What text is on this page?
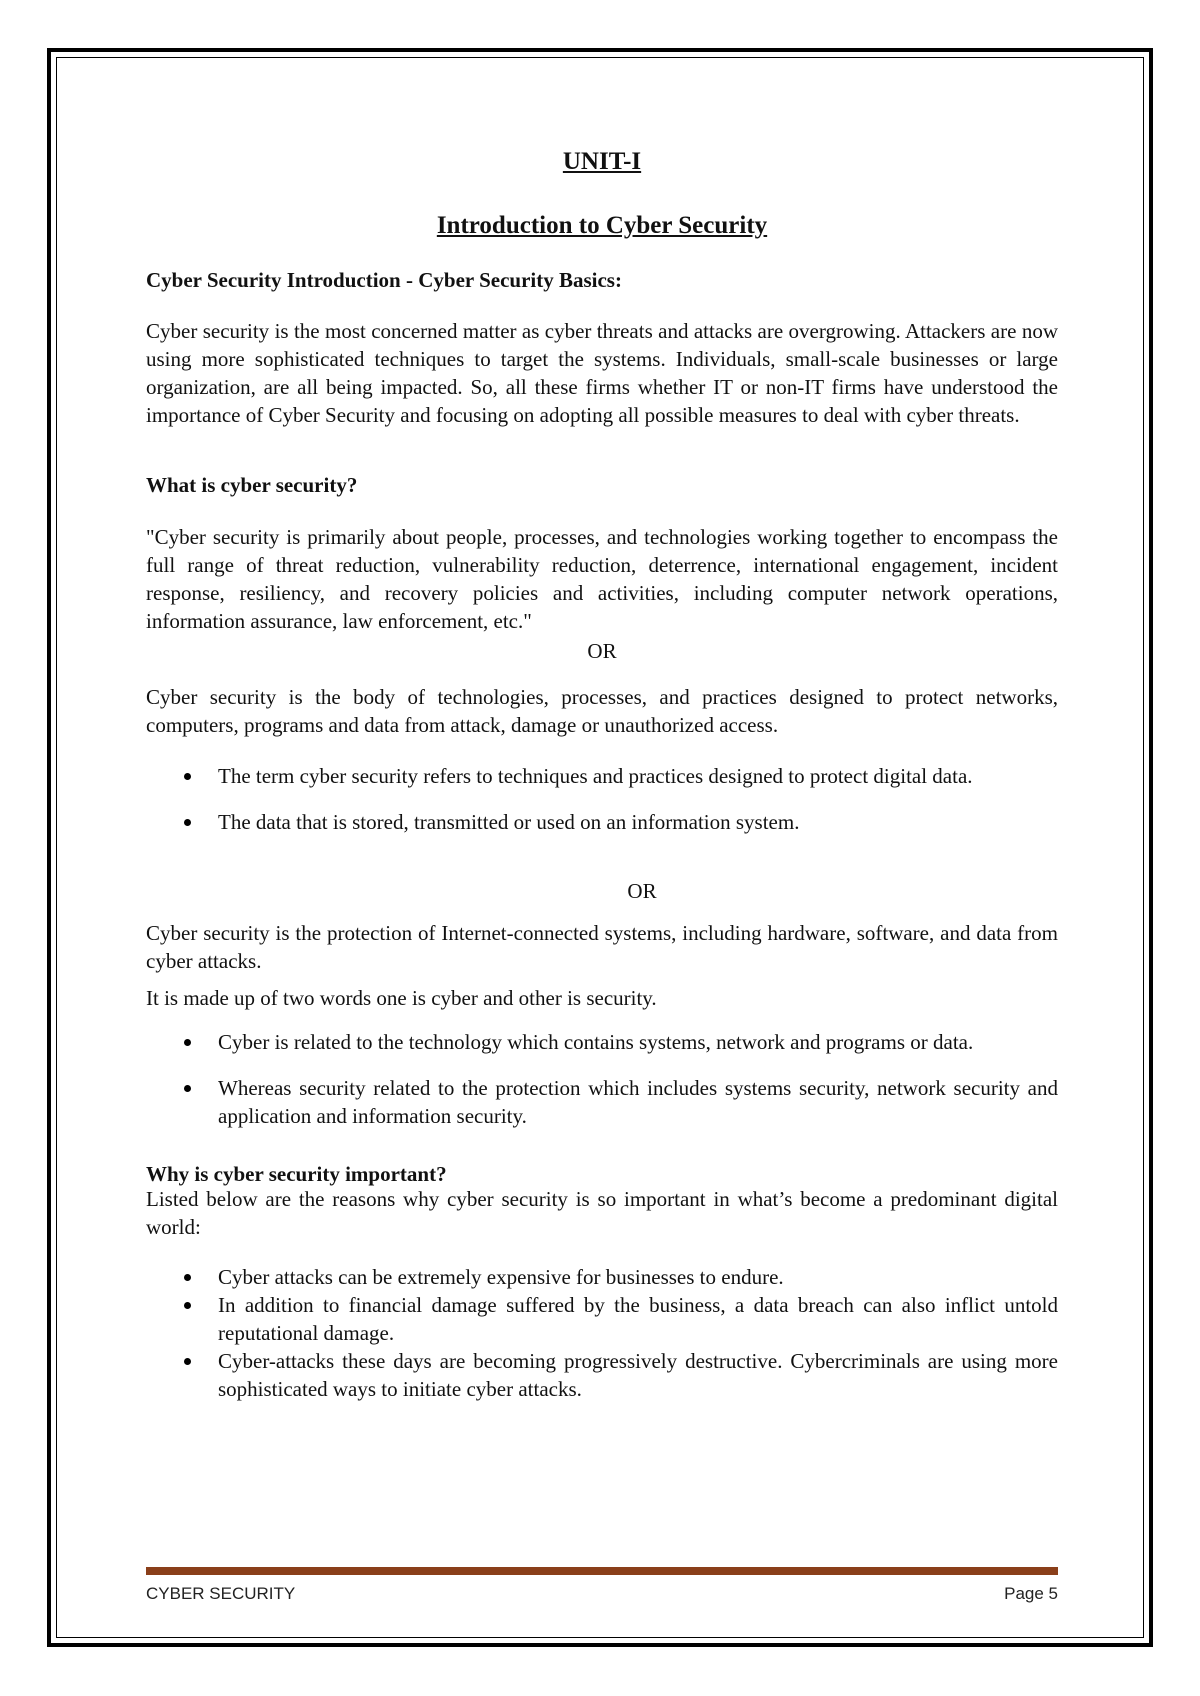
UNIT-I
Introduction to Cyber Security
Cyber Security Introduction - Cyber Security Basics:
Cyber security is the most concerned matter as cyber threats and attacks are overgrowing. Attackers are now using more sophisticated techniques to target the systems. Individuals, small-scale businesses or large organization, are all being impacted. So, all these firms whether IT or non-IT firms have understood the importance of Cyber Security and focusing on adopting all possible measures to deal with cyber threats.
What is cyber security?
"Cyber security is primarily about people, processes, and technologies working together to encompass the full range of threat reduction, vulnerability reduction, deterrence, international engagement, incident response, resiliency, and recovery policies and activities, including computer network operations, information assurance, law enforcement, etc."
OR
Cyber security is the body of technologies, processes, and practices designed to protect networks, computers, programs and data from attack, damage or unauthorized access.
The term cyber security refers to techniques and practices designed to protect digital data.
The data that is stored, transmitted or used on an information system.
OR
Cyber security is the protection of Internet-connected systems, including hardware, software, and data from cyber attacks.
It is made up of two words one is cyber and other is security.
Cyber is related to the technology which contains systems, network and programs or data.
Whereas security related to the protection which includes systems security, network security and application and information security.
Why is cyber security important?
Listed below are the reasons why cyber security is so important in what’s become a predominant digital world:
Cyber attacks can be extremely expensive for businesses to endure.
In addition to financial damage suffered by the business, a data breach can also inflict untold reputational damage.
Cyber-attacks these days are becoming progressively destructive. Cybercriminals are using more sophisticated ways to initiate cyber attacks.
CYBER SECURITY	Page 5
